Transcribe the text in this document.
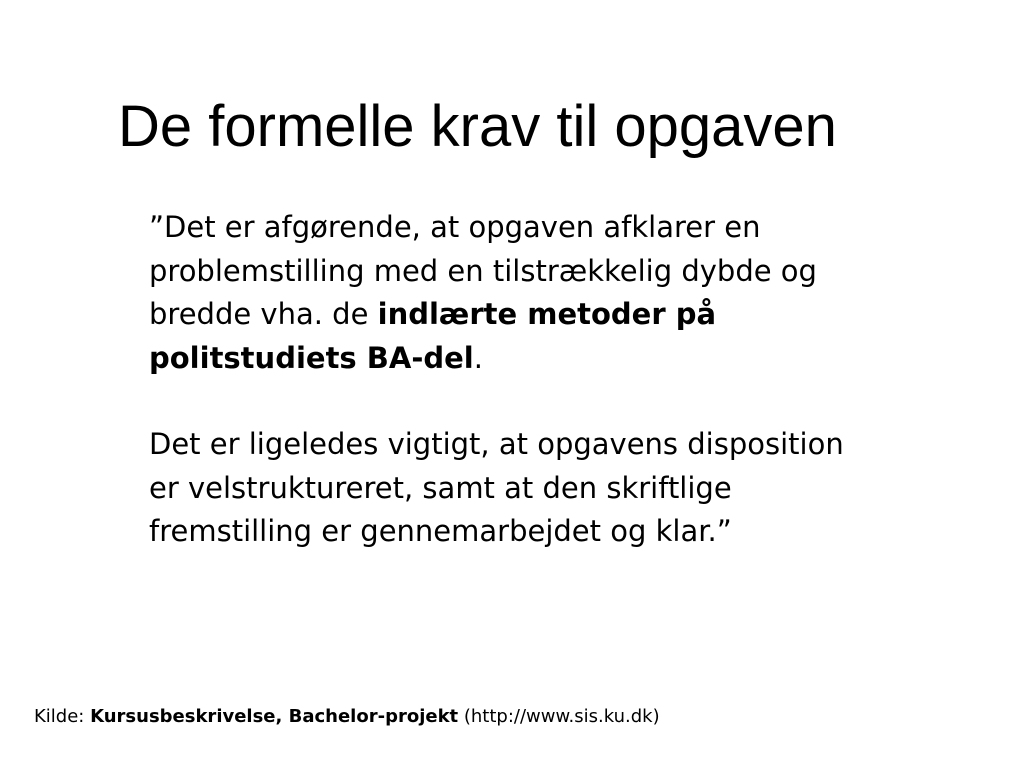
De formelle krav til opgaven

”Det er afgørende, at opgaven afklarer en problemstilling med en tilstrækkelig dybde og bredde vha. de indlærte metoder på politstudiets BA-del.

Det er ligeledes vigtigt, at opgavens disposition er velstruktureret, samt at den skriftlige fremstilling er gennemarbejdet og klar.”

Kilde: Kursusbeskrivelse, Bachelor-projekt (http://www.sis.ku.dk)
